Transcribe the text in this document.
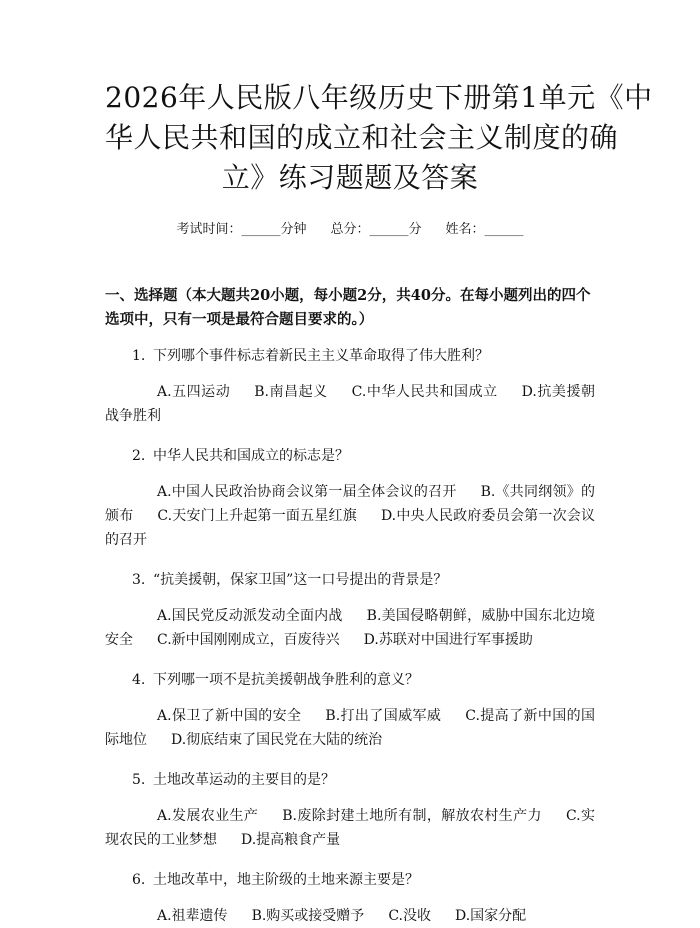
2026年人民版八年级历史下册第1单元《中
华人民共和国的成立和社会主义制度的确
立》练习题题及答案
考试时间：______分钟 总分：______分 姓名：______
一、选择题（本大题共20小题，每小题2分，共40分。在每小题列出的四个选项中，只有一项是最符合题目要求的。）
1. 下列哪个事件标志着新民主主义革命取得了伟大胜利？
A.五四运动 B.南昌起义 C.中华人民共和国成立 D.抗美援朝战争胜利
2. 中华人民共和国成立的标志是？
A.中国人民政治协商会议第一届全体会议的召开 B.《共同纲领》的颁布 C.天安门上升起第一面五星红旗 D.中央人民政府委员会第一次会议的召开
3. “抗美援朝，保家卫国”这一口号提出的背景是？
A.国民党反动派发动全面内战 B.美国侵略朝鲜，威胁中国东北边境安全 C.新中国刚刚成立，百废待兴 D.苏联对中国进行军事援助
4. 下列哪一项不是抗美援朝战争胜利的意义？
A.保卫了新中国的安全 B.打出了国威军威 C.提高了新中国的国际地位 D.彻底结束了国民党在大陆的统治
5. 土地改革运动的主要目的是？
A.发展农业生产 B.废除封建土地所有制，解放农村生产力 C.实现农民的工业梦想 D.提高粮食产量
6. 土地改革中，地主阶级的土地来源主要是？
A.祖辈遗传 B.购买或接受赠予 C.没收 D.国家分配
